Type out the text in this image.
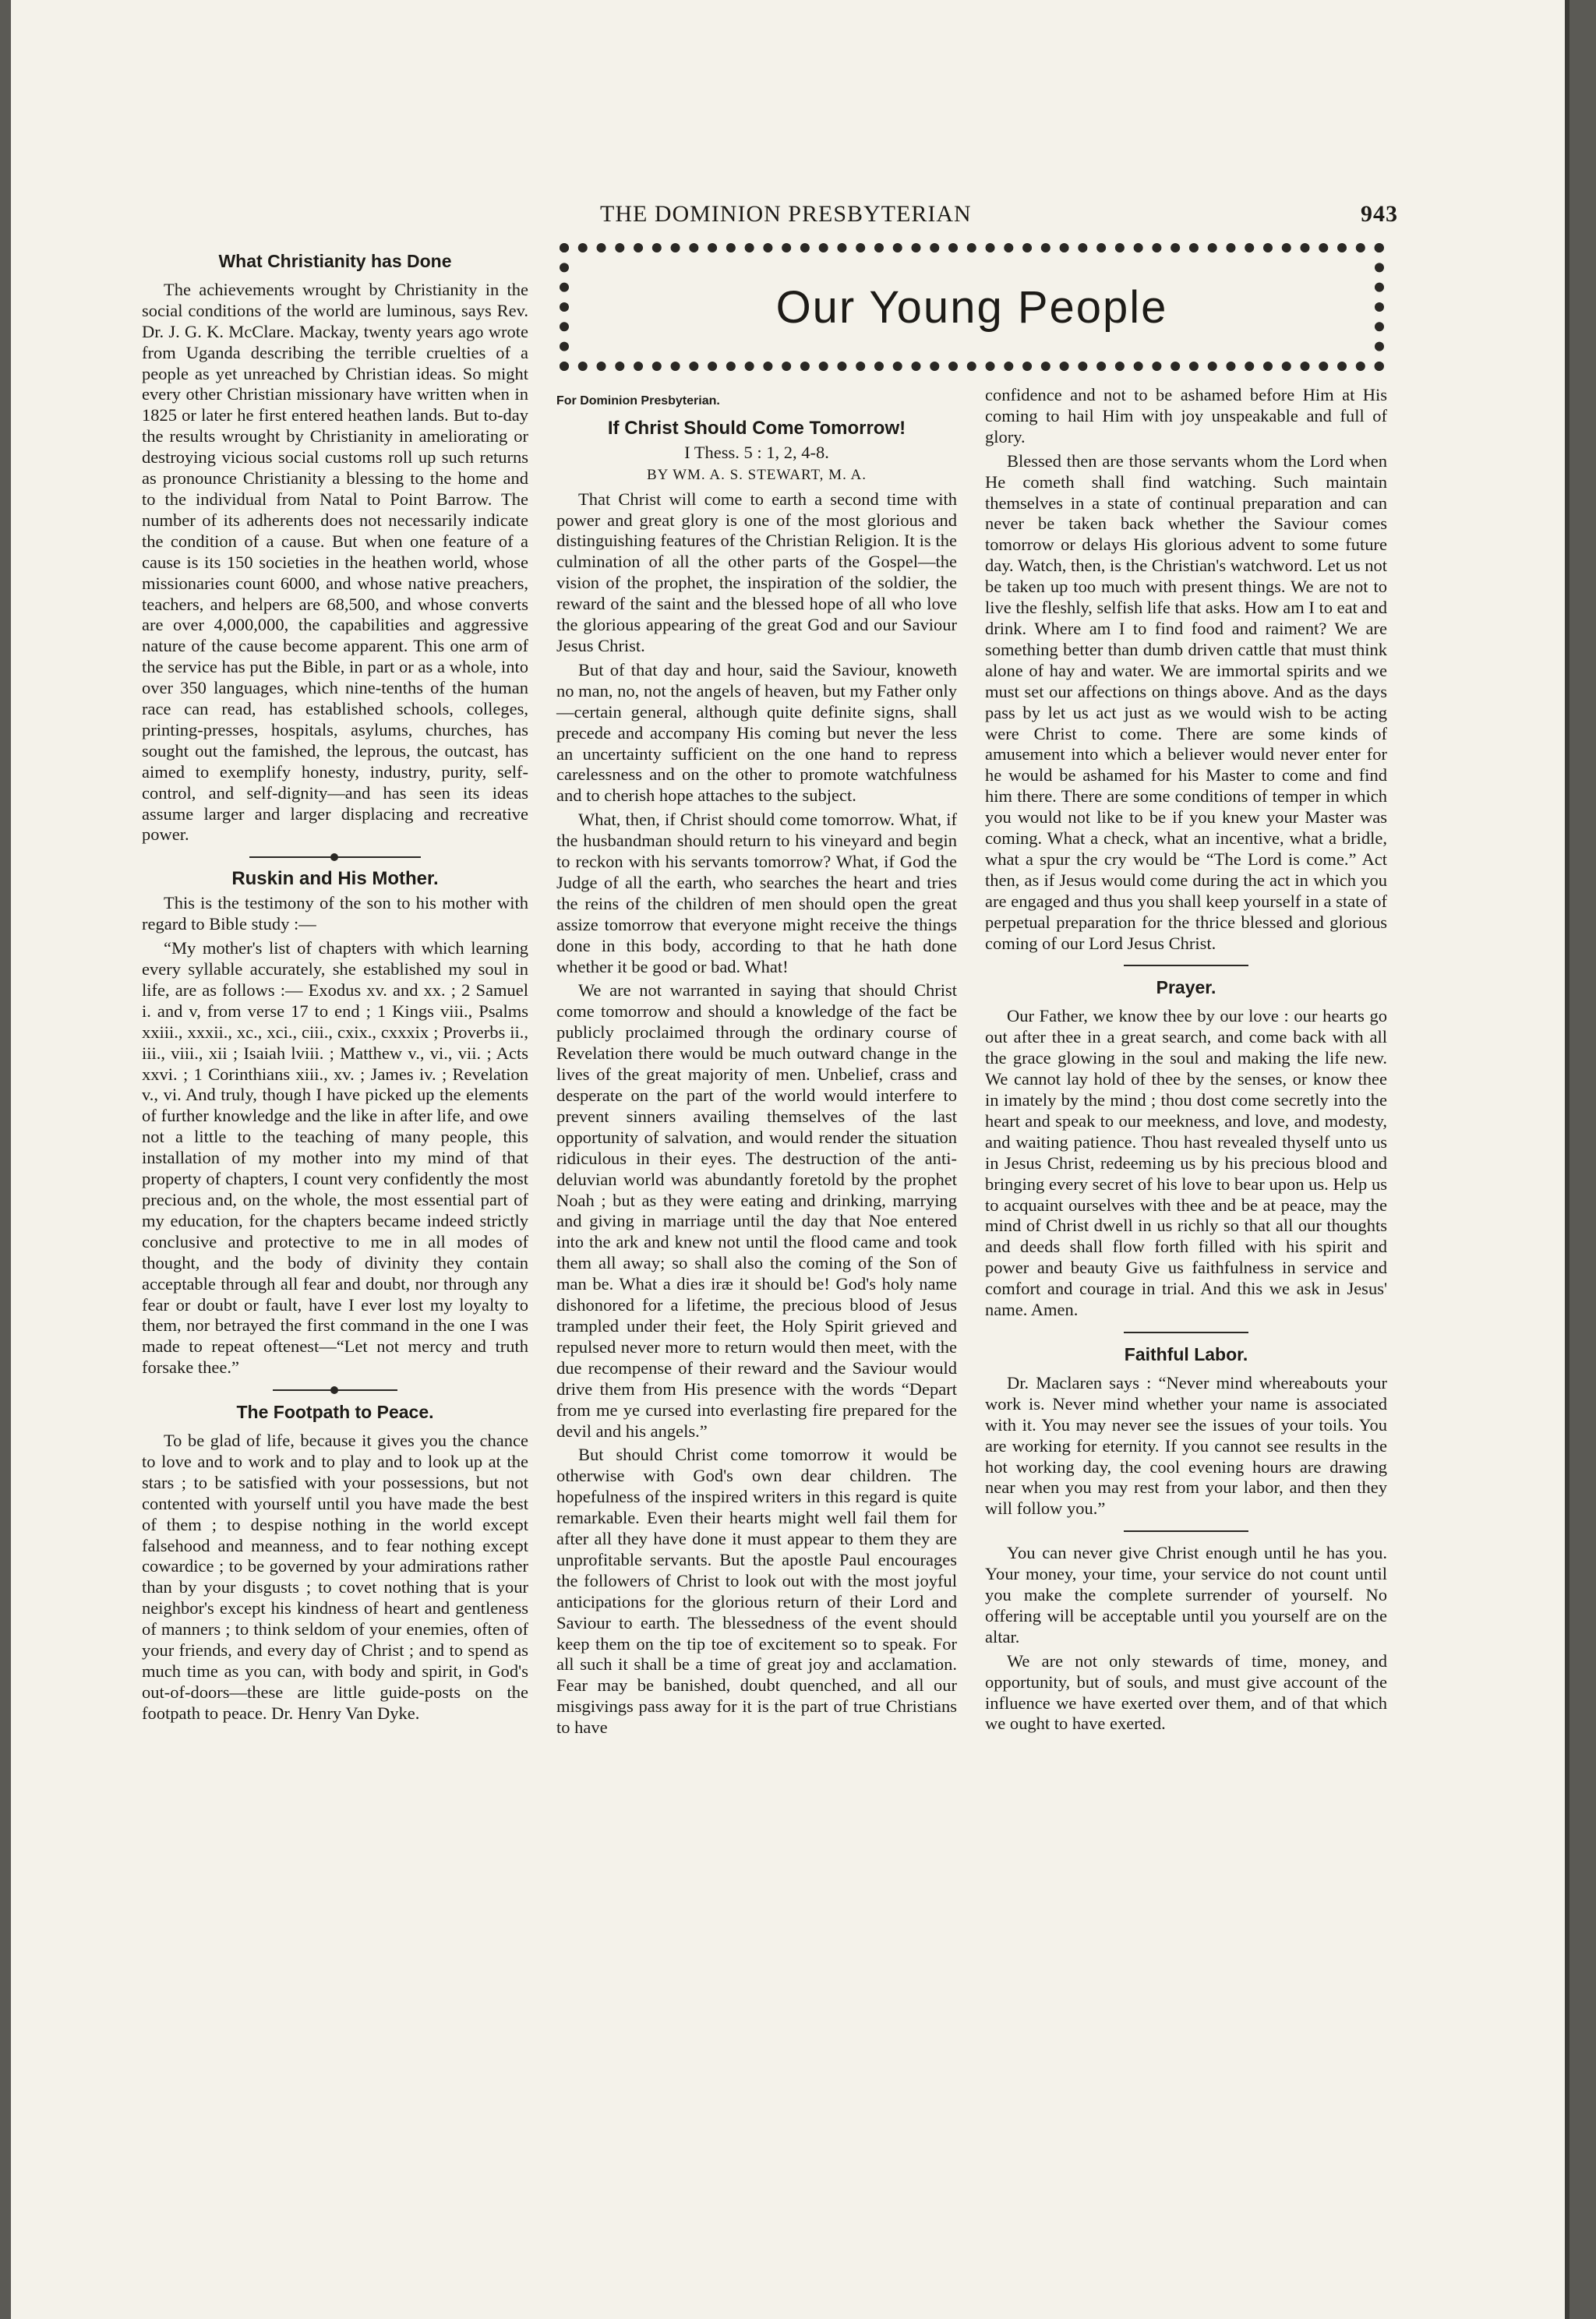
THE DOMINION PRESBYTERIAN	943
Our Young People
What Christianity has Done

The achievements wrought by Christianity in the social conditions of the world are luminous, says Rev. Dr. J. G. K. McClare. Mackay, twenty years ago wrote from Uganda describing the terrible cruelties of a people as yet unreached by Christian ideas. So might every other Christian missionary have written when in 1825 or later he first entered heathen lands. But to-day the results wrought by Christianity in ameliorating or destroying vicious social customs roll up such returns as pronounce Christianity a blessing to the home and to the individual from Natal to Point Barrow. The number of its adherents does not necessarily indicate the condition of a cause. But when one feature of a cause is its 150 societies in the heathen world, whose missionaries count 6000, and whose native preachers, teachers, and helpers are 68,500, and whose converts are over 4,000,000, the capabilities and aggressive nature of the cause become apparent. This one arm of the service has put the Bible, in part or as a whole, into over 350 languages, which nine-tenths of the human race can read, has established schools, colleges, printing-presses, hospitals, asylums, churches, has sought out the famished, the leprous, the outcast, has aimed to exemplify honesty, industry, purity, self-control, and self-dignity—and has seen its ideas assume larger and larger displacing and recreative power.

Ruskin and His Mother.

This is the testimony of the son to his mother with regard to Bible study :—

“My mother's list of chapters with which learning every syllable accurately, she established my soul in life, are as follows :— Exodus xv. and xx. ; 2 Samuel i. and v, from verse 17 to end ; 1 Kings viii., Psalms xxiii., xxxii., xc., xci., ciii., cxix., cxxxix ; Proverbs ii., iii., viii., xii ; Isaiah lviii. ; Matthew v., vi., vii. ; Acts xxvi. ; 1 Corinthians xiii., xv. ; James iv. ; Revelation v., vi. And truly, though I have picked up the elements of further knowledge and the like in after life, and owe not a little to the teaching of many people, this installation of my mother into my mind of that property of chapters, I count very confidently the most precious and, on the whole, the most essential part of my education, for the chapters became indeed strictly conclusive and protective to me in all modes of thought, and the body of divinity they contain acceptable through all fear and doubt, nor through any fear or doubt or fault, have I ever lost my loyalty to them, nor betrayed the first command in the one I was made to repeat oftenest—“Let not mercy and truth forsake thee.”

The Footpath to Peace.

To be glad of life, because it gives you the chance to love and to work and to play and to look up at the stars ; to be satisfied with your possessions, but not contented with yourself until you have made the best of them ; to despise nothing in the world except falsehood and meanness, and to fear nothing except cowardice ; to be governed by your admirations rather than by your disgusts ; to covet nothing that is your neighbor's except his kindness of heart and gentleness of manners ; to think seldom of your enemies, often of your friends, and every day of Christ ; and to spend as much time as you can, with body and spirit, in God's out-of-doors—these are little guide-posts on the footpath to peace. Dr. Henry Van Dyke.

For Dominion Presbyterian.
If Christ Should Come Tomorrow!
I Thess. 5 : 1, 2, 4-8.
BY WM. A. S. STEWART, M. A.

That Christ will come to earth a second time with power and great glory is one of the most glorious and distinguishing features of the Christian Religion. It is the culmination of all the other parts of the Gospel—the vision of the prophet, the inspiration of the soldier, the reward of the saint and the blessed hope of all who love the glorious appearing of the great God and our Saviour Jesus Christ.

But of that day and hour, said the Saviour, knoweth no man, no, not the angels of heaven, but my Father only—certain general, although quite definite signs, shall precede and accompany His coming but never the less an uncertainty sufficient on the one hand to repress carelessness and on the other to promote watchfulness and to cherish hope attaches to the subject.

What, then, if Christ should come tomorrow. What, if the husbandman should return to his vineyard and begin to reckon with his servants tomorrow? What, if God the Judge of all the earth, who searches the heart and tries the reins of the children of men should open the great assize tomorrow that everyone might receive the things done in this body, according to that he hath done whether it be good or bad. What!

We are not warranted in saying that should Christ come tomorrow and should a knowledge of the fact be publicly proclaimed through the ordinary course of Revelation there would be much outward change in the lives of the great majority of men. Unbelief, crass and desperate on the part of the world would interfere to prevent sinners availing themselves of the last opportunity of salvation, and would render the situation ridiculous in their eyes. The destruction of the anti-deluvian world was abundantly foretold by the prophet Noah ; but as they were eating and drinking, marrying and giving in marriage until the day that Noe entered into the ark and knew not until the flood came and took them all away; so shall also the coming of the Son of man be. What a dies iræ it should be! God's holy name dishonored for a lifetime, the precious blood of Jesus trampled under their feet, the Holy Spirit grieved and repulsed never more to return would then meet, with the due recompense of their reward and the Saviour would drive them from His presence with the words “Depart from me ye cursed into everlasting fire prepared for the devil and his angels.”

But should Christ come tomorrow it would be otherwise with God's own dear children. The hopefulness of the inspired writers in this regard is quite remarkable. Even their hearts might well fail them for after all they have done it must appear to them they are unprofitable servants. But the apostle Paul encourages the followers of Christ to look out with the most joyful anticipations for the glorious return of their Lord and Saviour to earth. The blessedness of the event should keep them on the tip toe of excitement so to speak. For all such it shall be a time of great joy and acclamation. Fear may be banished, doubt quenched, and all our misgivings pass away for it is the part of true Christians to have

confidence and not to be ashamed before Him at His coming to hail Him with joy unspeakable and full of glory.

Blessed then are those servants whom the Lord when He cometh shall find watching. Such maintain themselves in a state of continual preparation and can never be taken back whether the Saviour comes tomorrow or delays His glorious advent to some future day. Watch, then, is the Christian's watchword. Let us not be taken up too much with present things. We are not to live the fleshly, selfish life that asks. How am I to eat and drink. Where am I to find food and raiment? We are something better than dumb driven cattle that must think alone of hay and water. We are immortal spirits and we must set our affections on things above. And as the days pass by let us act just as we would wish to be acting were Christ to come. There are some kinds of amusement into which a believer would never enter for he would be ashamed for his Master to come and find him there. There are some conditions of temper in which you would not like to be if you knew your Master was coming. What a check, what an incentive, what a bridle, what a spur the cry would be “The Lord is come.” Act then, as if Jesus would come during the act in which you are engaged and thus you shall keep yourself in a state of perpetual preparation for the thrice blessed and glorious coming of our Lord Jesus Christ.

Prayer.

Our Father, we know thee by our love : our hearts go out after thee in a great search, and come back with all the grace glowing in the soul and making the life new. We cannot lay hold of thee by the senses, or know thee in imately by the mind ; thou dost come secretly into the heart and speak to our meekness, and love, and modesty, and waiting patience. Thou hast revealed thyself unto us in Jesus Christ, redeeming us by his precious blood and bringing every secret of his love to bear upon us. Help us to acquaint ourselves with thee and be at peace, may the mind of Christ dwell in us richly so that all our thoughts and deeds shall flow forth filled with his spirit and power and beauty Give us faithfulness in service and comfort and courage in trial. And this we ask in Jesus' name. Amen.

Faithful Labor.

Dr. Maclaren says : “Never mind whereabouts your work is. Never mind whether your name is associated with it. You may never see the issues of your toils. You are working for eternity. If you cannot see results in the hot working day, the cool evening hours are drawing near when you may rest from your labor, and then they will follow you.”

You can never give Christ enough until he has you. Your money, your time, your service do not count until you make the complete surrender of yourself. No offering will be acceptable until you yourself are on the altar.

We are not only stewards of time, money, and opportunity, but of souls, and must give account of the influence we have exerted over them, and of that which we ought to have exerted.
